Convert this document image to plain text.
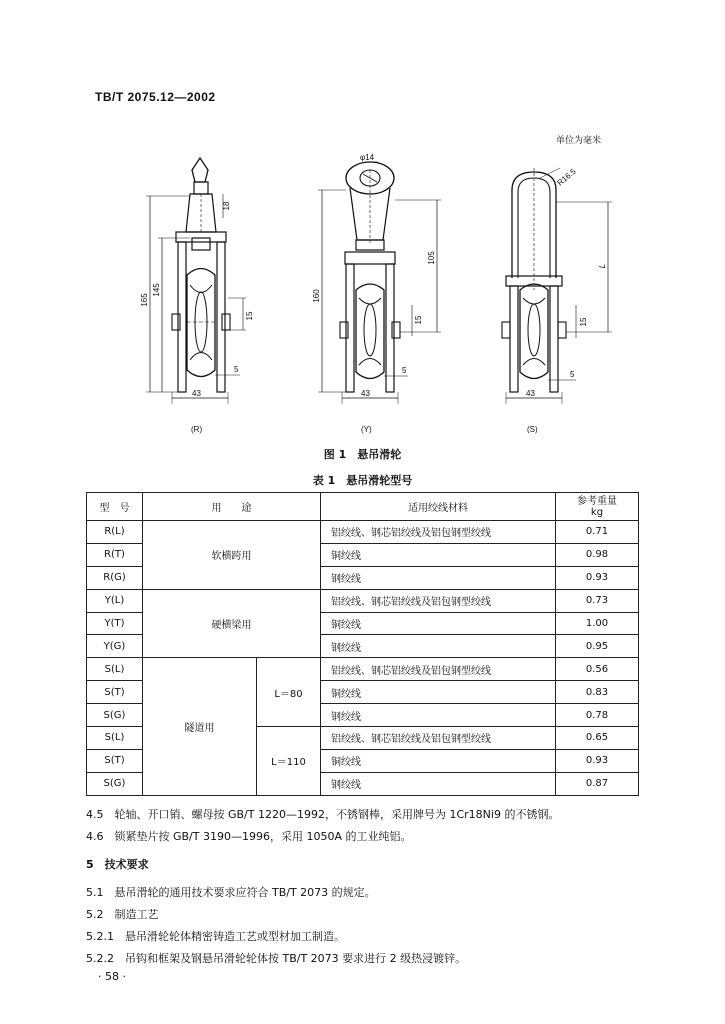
TB/T 2075.12—2002
单位为毫米
165
145
18
15
5
43
(R)
φ14
160
105
15
5
43
(Y)
R16.5
L
15
5
43
(S)
图 1　悬吊滑轮
表 1　悬吊滑轮型号
型　号	用　　途		适用绞线材料	参考重量
kg
R(L)	软横跨用		铝绞线、钢芯铝绞线及铝包钢型绞线	0.71
R(T)			铜绞线	0.98
R(G)			钢绞线	0.93
Y(L)	硬横梁用		铝绞线、钢芯铝绞线及铝包钢型绞线	0.73
Y(T)			铜绞线	1.00
Y(G)			钢绞线	0.95
S(L)	隧道用	L＝80	铝绞线、钢芯铝绞线及铝包钢型绞线	0.56
S(T)			铜绞线	0.83
S(G)			钢绞线	0.78
S(L)		L＝110	铝绞线、钢芯铝绞线及铝包钢型绞线	0.65
S(T)			铜绞线	0.93
S(G)			钢绞线	0.87
4.5　轮轴、开口销、螺母按 GB/T 1220—1992，不锈钢棒，采用牌号为 1Cr18Ni9 的不锈钢。
4.6　锁紧垫片按 GB/T 3190—1996，采用 1050A 的工业纯铝。
5　技术要求
5.1　悬吊滑轮的通用技术要求应符合 TB/T 2073 的规定。
5.2　制造工艺
5.2.1　悬吊滑轮轮体精密铸造工艺或型材加工制造。
5.2.2　吊钩和框架及钢悬吊滑轮轮体按 TB/T 2073 要求进行 2 级热浸镀锌。
· 58 ·
